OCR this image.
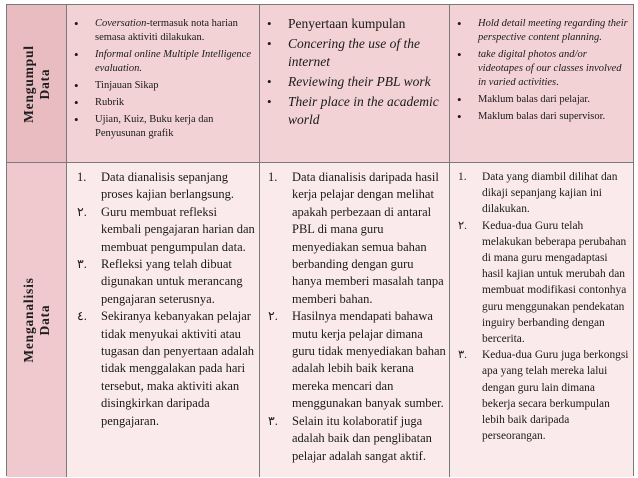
Mengumpul Data
• Coversation-termasuk nota harian semasa aktiviti dilakukan.
• Informal online Multiple Intelligence evaluation.
• Tinjauan Sikap
• Rubrik
• Ujian, Kuiz, Buku kerja dan Penyusunan grafik
• Penyertaan kumpulan
• Concering the use of the internet
• Reviewing their PBL work
• Their place in the academic world
• Hold detail meeting regarding their perspective content planning.
• take digital photos and/or videotapes of our classes involved in varied activities.
• Maklum balas dari pelajar.
• Maklum balas dari supervisor.
Menganalisis Data
1. Data dianalisis sepanjang proses kajian berlangsung.
٢. Guru membuat refleksi kembali pengajaran harian dan membuat pengumpulan data.
٣. Refleksi yang telah dibuat digunakan untuk merancang pengajaran seterusnya.
٤. Sekiranya kebanyakan pelajar tidak menyukai aktiviti atau tugasan dan penyertaan adalah tidak menggalakan pada hari tersebut, maka aktiviti akan disingkirkan daripada pengajaran.
1. Data dianalisis daripada hasil kerja pelajar dengan melihat apakah perbezaan di antaral PBL di mana guru menyediakan semua bahan berbanding dengan guru hanya memberi masalah tanpa memberi bahan.
٢. Hasilnya mendapati bahawa mutu kerja pelajar dimana guru tidak menyediakan bahan adalah lebih baik kerana mereka mencari dan menggunakan banyak sumber.
٣. Selain itu kolaboratif juga adalah baik dan penglibatan pelajar adalah sangat aktif.
1. Data yang diambil dilihat dan dikaji sepanjang kajian ini dilakukan.
٢. Kedua-dua Guru telah melakukan beberapa perubahan di mana guru mengadaptasi hasil kajian untuk merubah dan membuat modifikasi contonhya guru menggunakan pendekatan inguiry berbanding dengan bercerita.
٣. Kedua-dua Guru juga berkongsi apa yang telah mereka lalui dengan guru lain dimana bekerja secara berkumpulan lebih baik daripada perseorangan.
